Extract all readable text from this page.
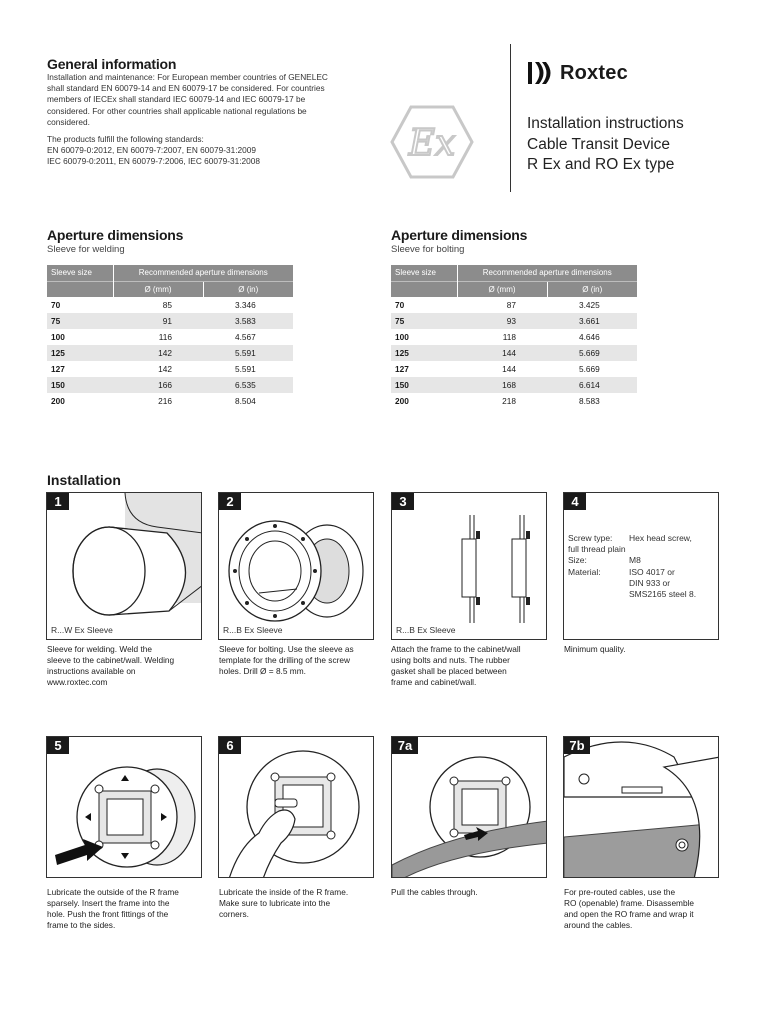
General information

Installation and maintenance: For European member countries of GENELEC
shall standard EN 60079-14 and EN 60079-17 be considered. For countries
members of IECEx shall standard IEC 60079-14 and IEC 60079-17 be
considered. For other countries shall applicable national regulations be
considered.

The products fulfill the following standards:
EN 60079-0:2012, EN 60079-7:2007, EN 60079-31:2009
IEC 60079-0:2011, EN 60079-7:2006, IEC 60079-31:2008	Ex
Roxtec
Installation instructions
Cable Transit Device
R Ex and RO Ex type
Aperture dimensions
Sleeve for welding
Sleeve size	Recommended aperture dimensions	
	Ø (mm)	Ø (in)
70	85	3.346
75	91	3.583
100	116	4.567
125	142	5.591
127	142	5.591
150	166	6.535
200	216	8.504
Aperture dimensions
Sleeve for bolting
Sleeve size	Recommended aperture dimensions	
	Ø (mm)	Ø (in)
70	87	3.425
75	93	3.661
100	118	4.646
125	144	5.669
127	144	5.669
150	168	6.614
200	218	8.583
Installation
1
R...W Ex Sleeve
Sleeve for welding. Weld the
sleeve to the cabinet/wall. Welding
instructions available on
www.roxtec.com
2
R...B Ex Sleeve
Sleeve for bolting. Use the sleeve as
template for the drilling of the screw
holes. Drill Ø = 8.5 mm.
3
R...B Ex Sleeve
Attach the frame to the cabinet/wall
using bolts and nuts. The rubber
gasket shall be placed between
frame and cabinet/wall.
4
Screw type:	Hex head screw,
full thread plain
Size:	M8
Material:	ISO 4017 or
DIN 933 or
SMS2165 steel 8.
Minimum quality.
5
Lubricate the outside of the R frame
sparsely. Insert the frame into the
hole. Push the front fittings of the
frame to the sides.
6
Lubricate the inside of the R frame.
Make sure to lubricate into the
corners.
7a
Pull the cables through.
7b
For pre-routed cables, use the
RO (openable) frame. Disassemble
and open the RO frame and wrap it
around the cables.
